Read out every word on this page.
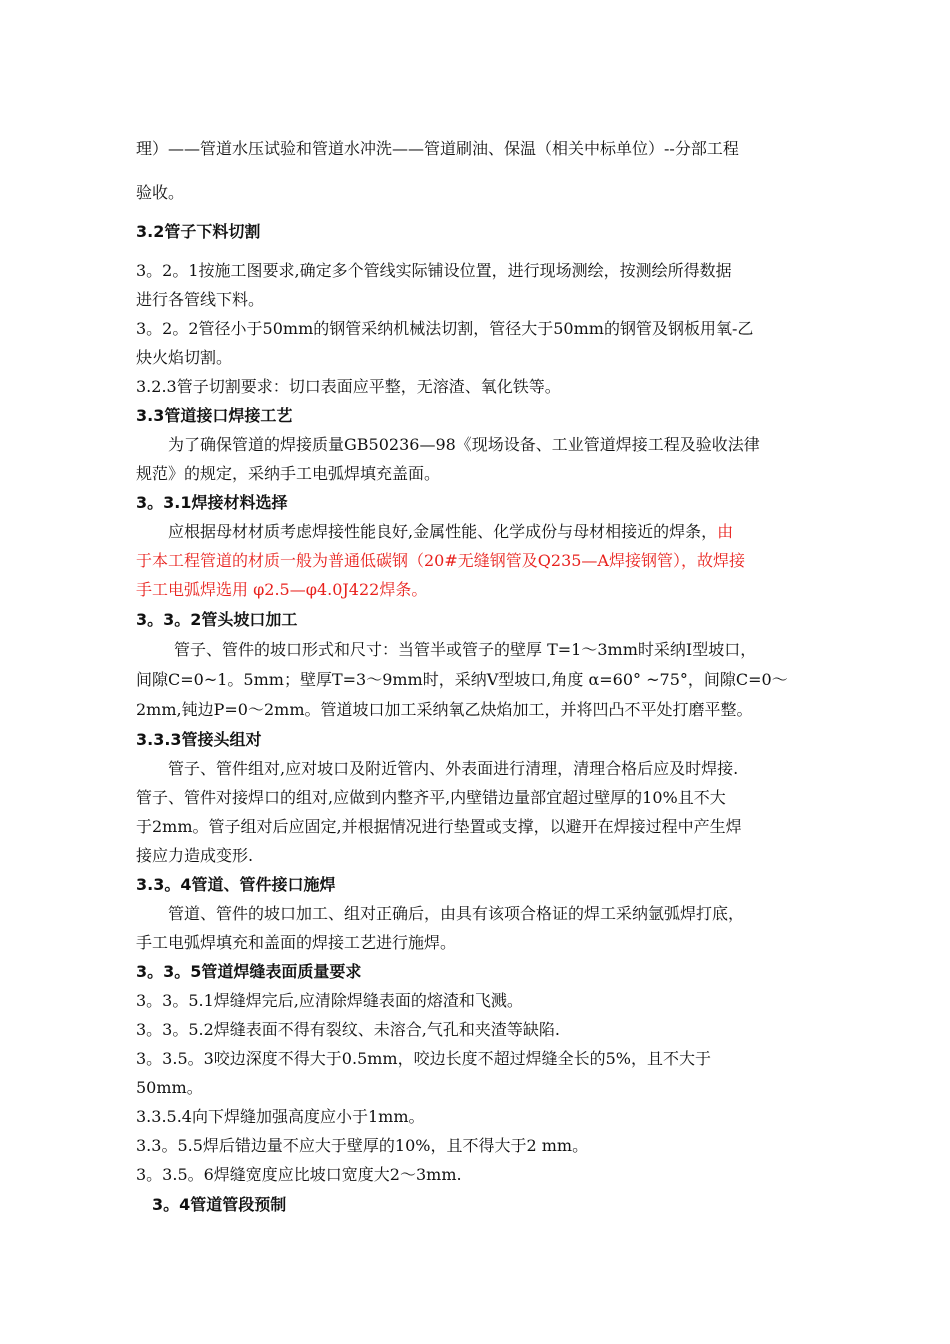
理）——管道水压试验和管道水冲洗——管道刷油、保温（相关中标单位）--分部工程
验收。
3.2管子下料切割
3。2。1按施工图要求,确定多个管线实际铺设位置，进行现场测绘，按测绘所得数据
进行各管线下料。
3。2。2管径小于50mm的钢管采纳机械法切割，管径大于50mm的钢管及钢板用氧-乙
炔火焰切割。
3.2.3管子切割要求：切口表面应平整，无溶渣、氧化铁等。
3.3管道接口焊接工艺
为了确保管道的焊接质量GB50236—98《现场设备、工业管道焊接工程及验收法律
规范》的规定，采纳手工电弧焊填充盖面。
3。3.1焊接材料选择
应根据母材材质考虑焊接性能良好,金属性能、化学成份与母材相接近的焊条，由
于本工程管道的材质一般为普通低碳钢（20#无缝钢管及Q235—A焊接钢管），故焊接
手工电弧焊选用 φ2.5—φ4.0J422焊条。
3。3。2管头坡口加工
管子、管件的坡口形式和尺寸：当管半或管子的壁厚 T=1～3mm时采纳I型坡口，
间隙C=0~1。5mm；壁厚T=3～9mm时，采纳V型坡口,角度 α=60° ~75°，间隙C=0～
2mm,钝边P=0～2mm。管道坡口加工采纳氧乙炔焰加工，并将凹凸不平处打磨平整。
3.3.3管接头组对
管子、管件组对,应对坡口及附近管内、外表面进行清理，清理合格后应及时焊接.
管子、管件对接焊口的组对,应做到内整齐平,内壁错边量部宜超过壁厚的10%且不大
于2mm。管子组对后应固定,并根据情况进行垫置或支撑，以避开在焊接过程中产生焊
接应力造成变形.
3.3。4管道、管件接口施焊
管道、管件的坡口加工、组对正确后，由具有该项合格证的焊工采纳氩弧焊打底，
手工电弧焊填充和盖面的焊接工艺进行施焊。
3。3。5管道焊缝表面质量要求
3。3。5.1焊缝焊完后,应清除焊缝表面的熔渣和飞溅。
3。3。5.2焊缝表面不得有裂纹、未溶合,气孔和夹渣等缺陷.
3。3.5。3咬边深度不得大于0.5mm，咬边长度不超过焊缝全长的5%，且不大于
50mm。
3.3.5.4向下焊缝加强高度应小于1mm。
3.3。5.5焊后错边量不应大于壁厚的10%，且不得大于2 mm。
3。3.5。6焊缝宽度应比坡口宽度大2～3mm.
3。4管道管段预制
